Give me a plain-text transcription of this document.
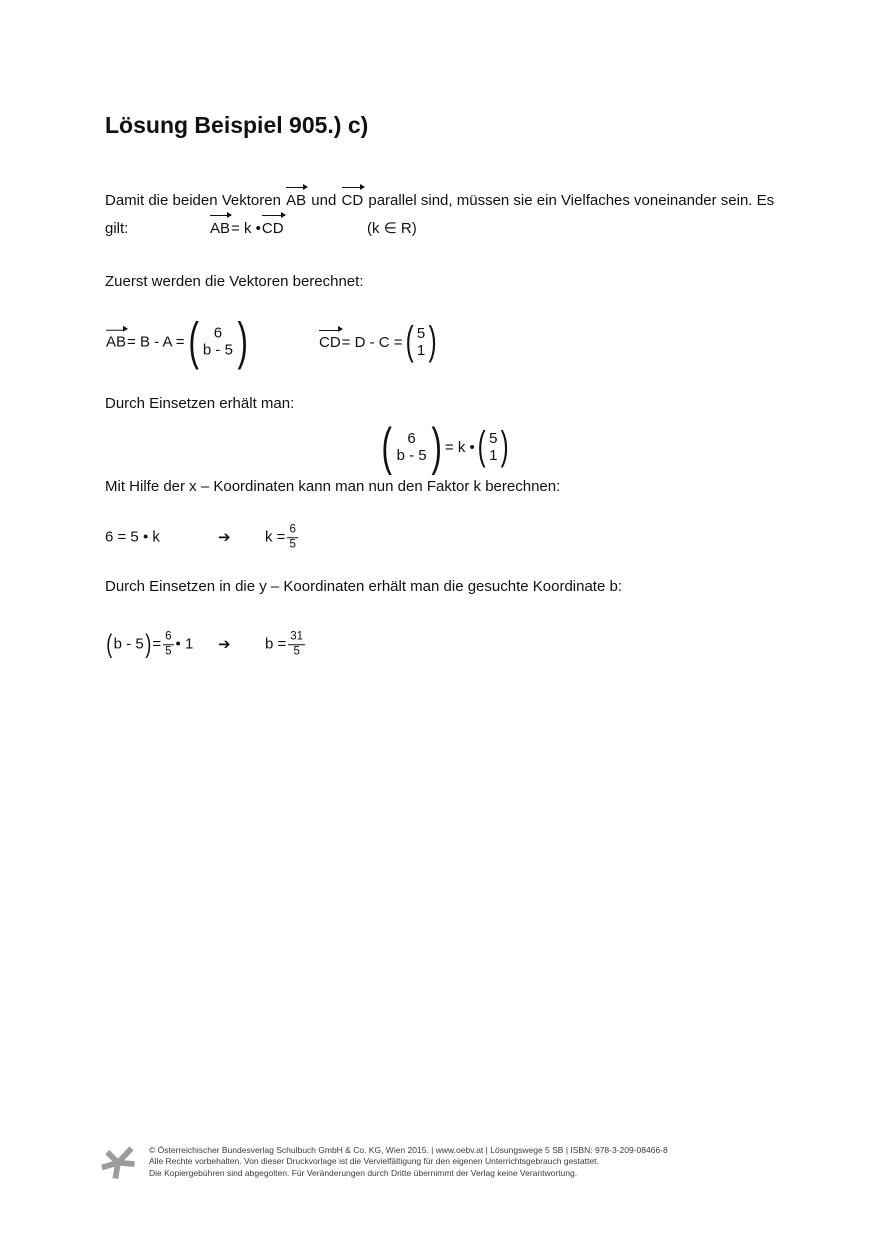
Lösung Beispiel 905.) c)
Damit die beiden Vektoren AB und CD parallel sind, müssen sie ein Vielfaches voneinander sein. Es
gilt:	AB = k • CD	(k ∈ R)
Zuerst werden die Vektoren berechnet:
AB = B - A = ( 6
b - 5 )	CD = D - C = ( 5
1 )
Durch Einsetzen erhält man:
( 6
b - 5 ) = k • ( 5
1 )
Mit Hilfe der x – Koordinaten kann man nun den Faktor k berechnen:
6 = 5 • k	➔ $k = \frac{6}{5}$
Durch Einsetzen in die y – Koordinaten erhält man die gesuchte Koordinate b:
( b - 5 ) = $\frac{6}{5}$ • 1 ➔ $b = \frac{31}{5}$
© Österreichischer Bundesverlag Schulbuch GmbH & Co. KG, Wien 2015. | www.oebv.at | Lösungswege 5 SB | ISBN: 978-3-209-08466-8
Alle Rechte vorbehalten. Von dieser Druckvorlage ist die Vervielfältigung für den eigenen Unterrichtsgebrauch gestattet.
Die Kopiergebühren sind abgegolten. Für Veränderungen durch Dritte übernimmt der Verlag keine Verantwortung.
